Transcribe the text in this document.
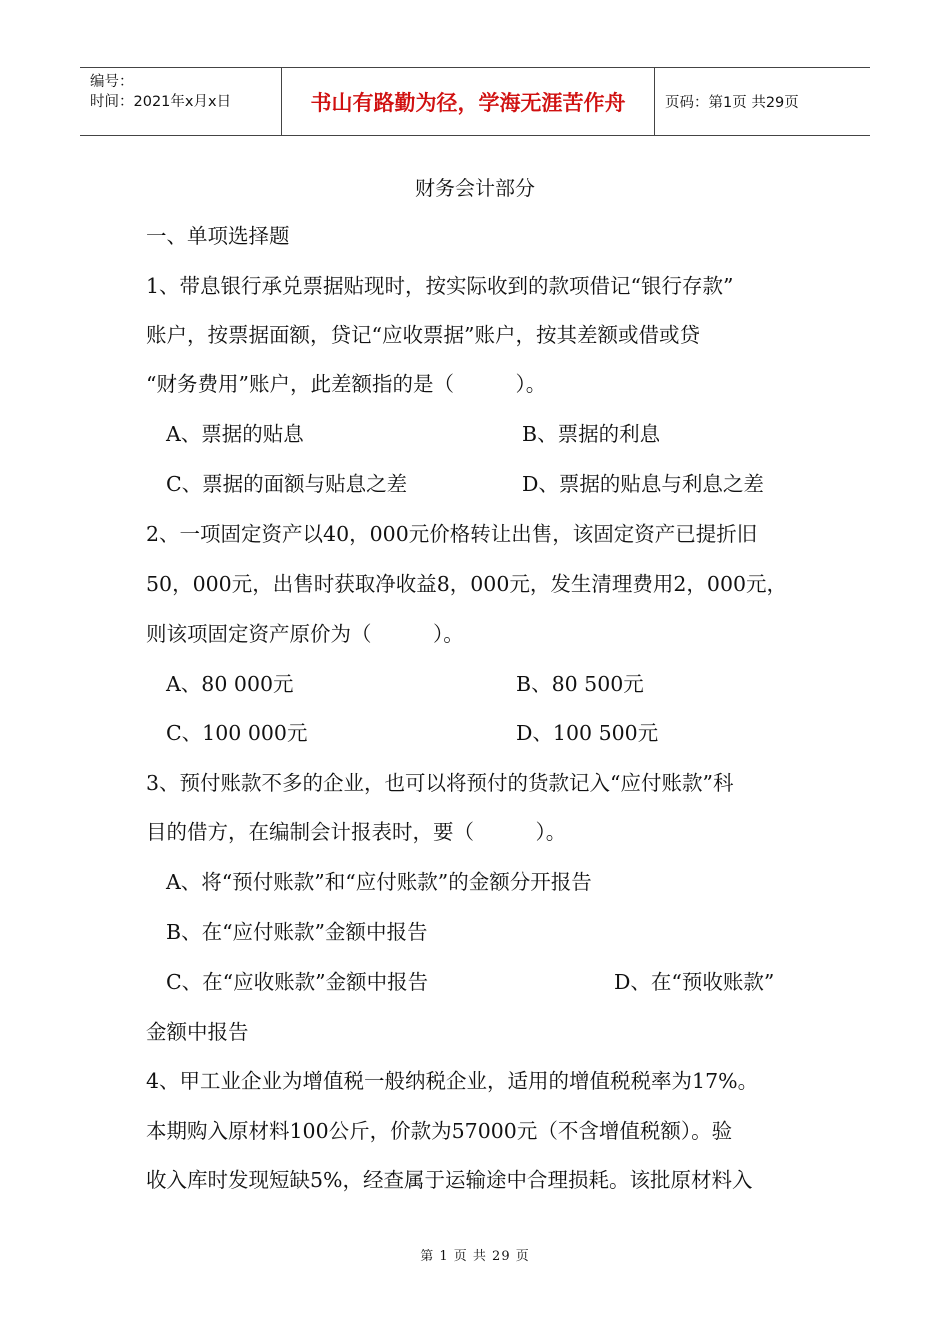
编号：
时间：2021年x月x日	书山有路勤为径，学海无涯苦作舟	页码：第1页 共29页
财务会计部分
一、单项选择题
1、带息银行承兑票据贴现时，按实际收到的款项借记“银行存款”
账户，按票据面额，贷记“应收票据”账户，按其差额或借或贷
“财务费用”账户，此差额指的是（　　　）。
A、票据的贴息	B、票据的利息
C、票据的面额与贴息之差	D、票据的贴息与利息之差
2、一项固定资产以40，000元价格转让出售，该固定资产已提折旧
50，000元，出售时获取净收益8，000元，发生清理费用2，000元，
则该项固定资产原价为（　　　）。
A、80 000元	B、80 500元
C、100 000元	D、100 500元
3、预付账款不多的企业，也可以将预付的货款记入“应付账款”科
目的借方，在编制会计报表时，要（　　　）。
A、将“预付账款”和“应付账款”的金额分开报告
B、在“应付账款”金额中报告
C、在“应收账款”金额中报告	D、在“预收账款”
金额中报告
4、甲工业企业为增值税一般纳税企业，适用的增值税税率为17%。
本期购入原材料100公斤，价款为57000元（不含增值税额）。验
收入库时发现短缺5%，经查属于运输途中合理损耗。该批原材料入
第 1 页 共 29 页
